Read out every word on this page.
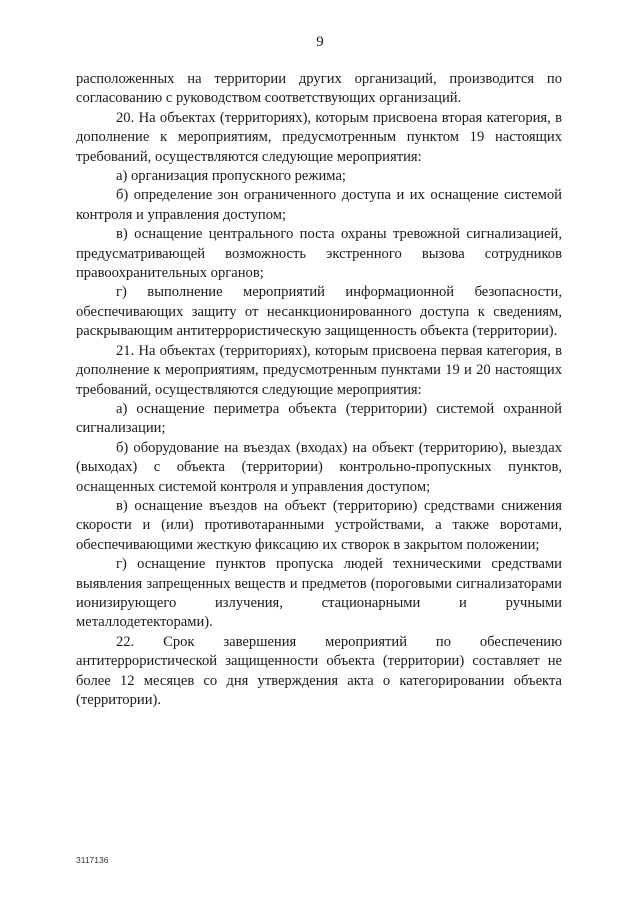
9

расположенных на территории других организаций, производится по согласованию с руководством соответствующих организаций.

20. На объектах (территориях), которым присвоена вторая категория, в дополнение к мероприятиям, предусмотренным пунктом 19 настоящих требований, осуществляются следующие мероприятия:

а) организация пропускного режима;

б) определение зон ограниченного доступа и их оснащение системой контроля и управления доступом;

в) оснащение центрального поста охраны тревожной сигнализацией, предусматривающей возможность экстренного вызова сотрудников правоохранительных органов;

г) выполнение мероприятий информационной безопасности, обеспечивающих защиту от несанкционированного доступа к сведениям, раскрывающим антитеррористическую защищенность объекта (территории).

21. На объектах (территориях), которым присвоена первая категория, в дополнение к мероприятиям, предусмотренным пунктами 19 и 20 настоящих требований, осуществляются следующие мероприятия:

а) оснащение периметра объекта (территории) системой охранной сигнализации;

б) оборудование на въездах (входах) на объект (территорию), выездах (выходах) с объекта (территории) контрольно-пропускных пунктов, оснащенных системой контроля и управления доступом;

в) оснащение въездов на объект (территорию) средствами снижения скорости и (или) противотаранными устройствами, а также воротами, обеспечивающими жесткую фиксацию их створок в закрытом положении;

г) оснащение пунктов пропуска людей техническими средствами выявления запрещенных веществ и предметов (пороговыми сигнализаторами ионизирующего излучения, стационарными и ручными металлодетекторами).

22. Срок завершения мероприятий по обеспечению антитеррористической защищенности объекта (территории) составляет не более 12 месяцев со дня утверждения акта о категорировании объекта (территории).

3117136
